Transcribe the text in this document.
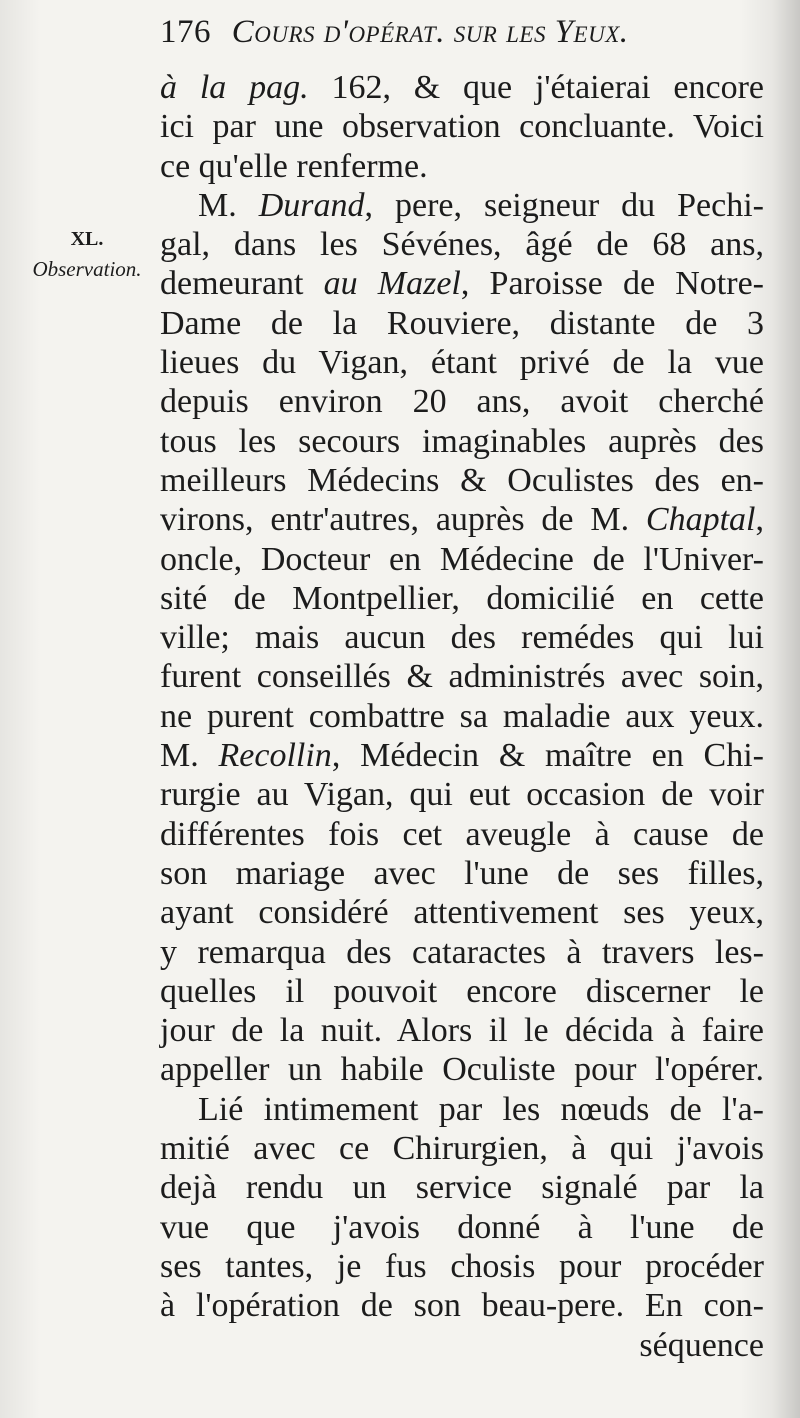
176 Cours d'opérat. sur les Yeux.
XL.
Observation.
à la pag. 162, & que j'étaierai encore
ici par une observation concluante. Voici
ce qu'elle renferme.
M. Durand, pere, seigneur du Pechi-
gal, dans les Sévénes, âgé de 68 ans,
demeurant au Mazel, Paroisse de Notre-
Dame de la Rouviere, distante de 3
lieues du Vigan, étant privé de la vue
depuis environ 20 ans, avoit cherché
tous les secours imaginables auprès des
meilleurs Médecins & Oculistes des en-
virons, entr'autres, auprès de M. Chaptal,
oncle, Docteur en Médecine de l'Univer-
sité de Montpellier, domicilié en cette
ville; mais aucun des remédes qui lui
furent conseillés & administrés avec soin,
ne purent combattre sa maladie aux yeux.
M. Recollin, Médecin & maître en Chi-
rurgie au Vigan, qui eut occasion de voir
différentes fois cet aveugle à cause de
son mariage avec l'une de ses filles,
ayant considéré attentivement ses yeux,
y remarqua des cataractes à travers les-
quelles il pouvoit encore discerner le
jour de la nuit. Alors il le décida à faire
appeller un habile Oculiste pour l'opérer.
Lié intimement par les nœuds de l'a-
mitié avec ce Chirurgien, à qui j'avois
dejà rendu un service signalé par la
vue que j'avois donné à l'une de
ses tantes, je fus chosis pour procéder
à l'opération de son beau-pere. En con-
séquence
